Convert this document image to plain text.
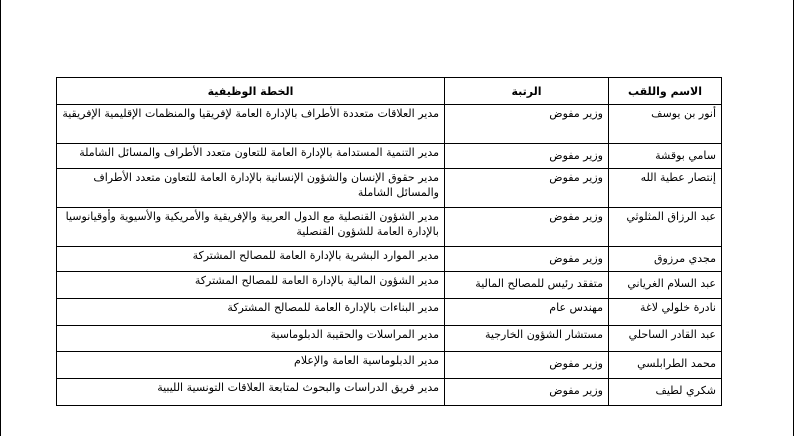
الاسم واللقب	الرتبة	الخطة الوظيفية
أنور بن يوسف	وزير مفوض	مدير العلاقات متعددة الأطراف بالإدارة العامة لإفريقيا والمنظمات الإقليمية الإفريقية
سامي بوقشة	وزير مفوض	مدير التنمية المستدامة بالإدارة العامة للتعاون متعدد الأطراف والمسائل الشاملة
إنتصار عطية الله	وزير مفوض	مدير حقوق الإنسان والشؤون الإنسانية بالإدارة العامة للتعاون متعدد الأطراف والمسائل الشاملة
عبد الرزاق المثلوثي	وزير مفوض	مدير الشؤون القنصلية مع الدول العربية والإفريقية والأمريكية والأسيوية وأوقيانوسيا بالإدارة العامة للشؤون القنصلية
مجدي مرزوق	وزير مفوض	مدير الموارد البشرية بالإدارة العامة للمصالح المشتركة
عبد السلام الغرياني	متفقد رئيس للمصالح المالية	مدير الشؤون المالية بالإدارة العامة للمصالح المشتركة
نادرة خلولي لاغة	مهندس عام	مدير البناءات بالإدارة العامة للمصالح المشتركة
عبد القادر الساحلي	مستشار الشؤون الخارجية	مدير المراسلات والحقيبة الدبلوماسية
محمد الطرابلسي	وزير مفوض	مدير الدبلوماسية العامة والإعلام
شكري لطيف	وزير مفوض	مدير فريق الدراسات والبحوث لمتابعة العلاقات التونسية الليبية
